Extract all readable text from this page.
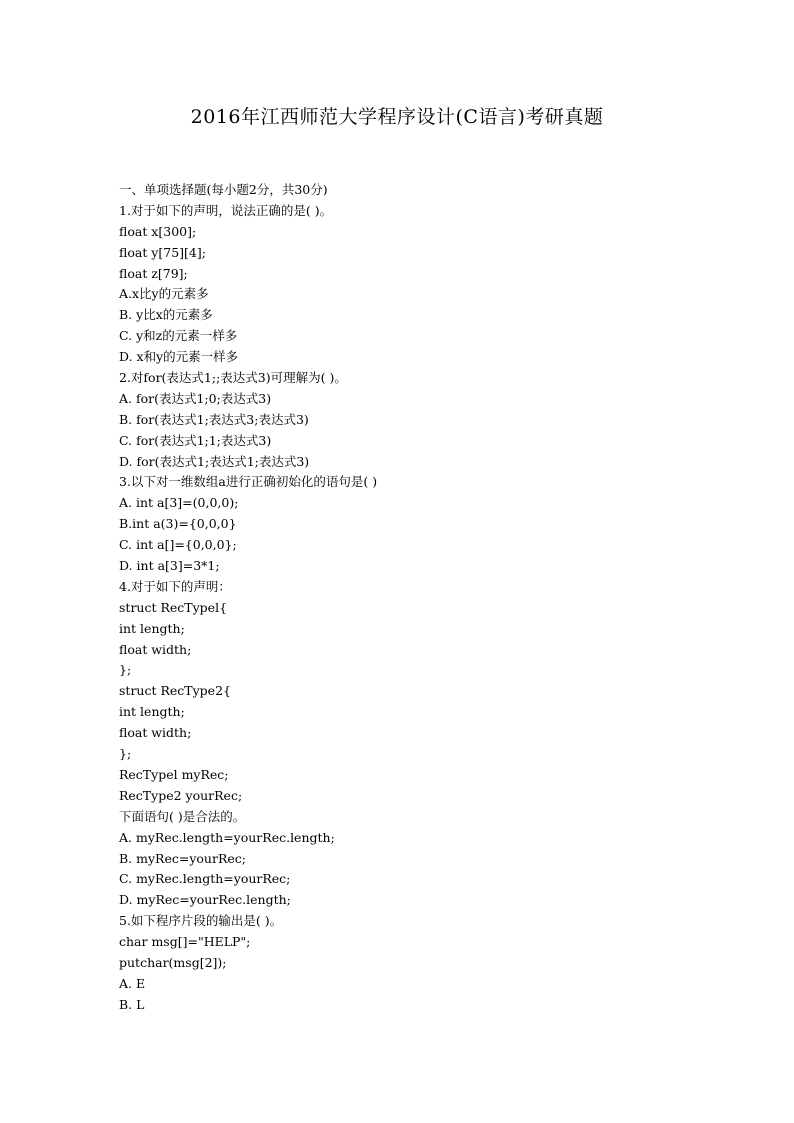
2016年江西师范大学程序设计(C语言)考研真题
一、单项选择题(每小题2分，共30分)
1.对于如下的声明，说法正确的是( )。
float x[300];
float y[75][4];
float z[79];
A.x比y的元素多
B. y比x的元素多
C. y和z的元素一样多
D. x和y的元素一样多
2.对for(表达式1;;表达式3)可理解为( )。
A. for(表达式1;0;表达式3)
B. for(表达式1;表达式3;表达式3)
C. for(表达式1;1;表达式3)
D. for(表达式1;表达式1;表达式3)
3.以下对一维数组a进行正确初始化的语句是( )
A. int a[3]=(0,0,0);
B.int a(3)={0,0,0}
C. int a[]={0,0,0};
D. int a[3]=3*1;
4.对于如下的声明：
struct RecTypel{
int length;
float width;
};
struct RecType2{
int length;
float width;
};
RecTypel myRec;
RecType2 yourRec;
下面语句( )是合法的。
A. myRec.length=yourRec.length;
B. myRec=yourRec;
C. myRec.length=yourRec;
D. myRec=yourRec.length;
5.如下程序片段的输出是( )。
char msg[]="HELP";
putchar(msg[2]);
A. E
B. L
